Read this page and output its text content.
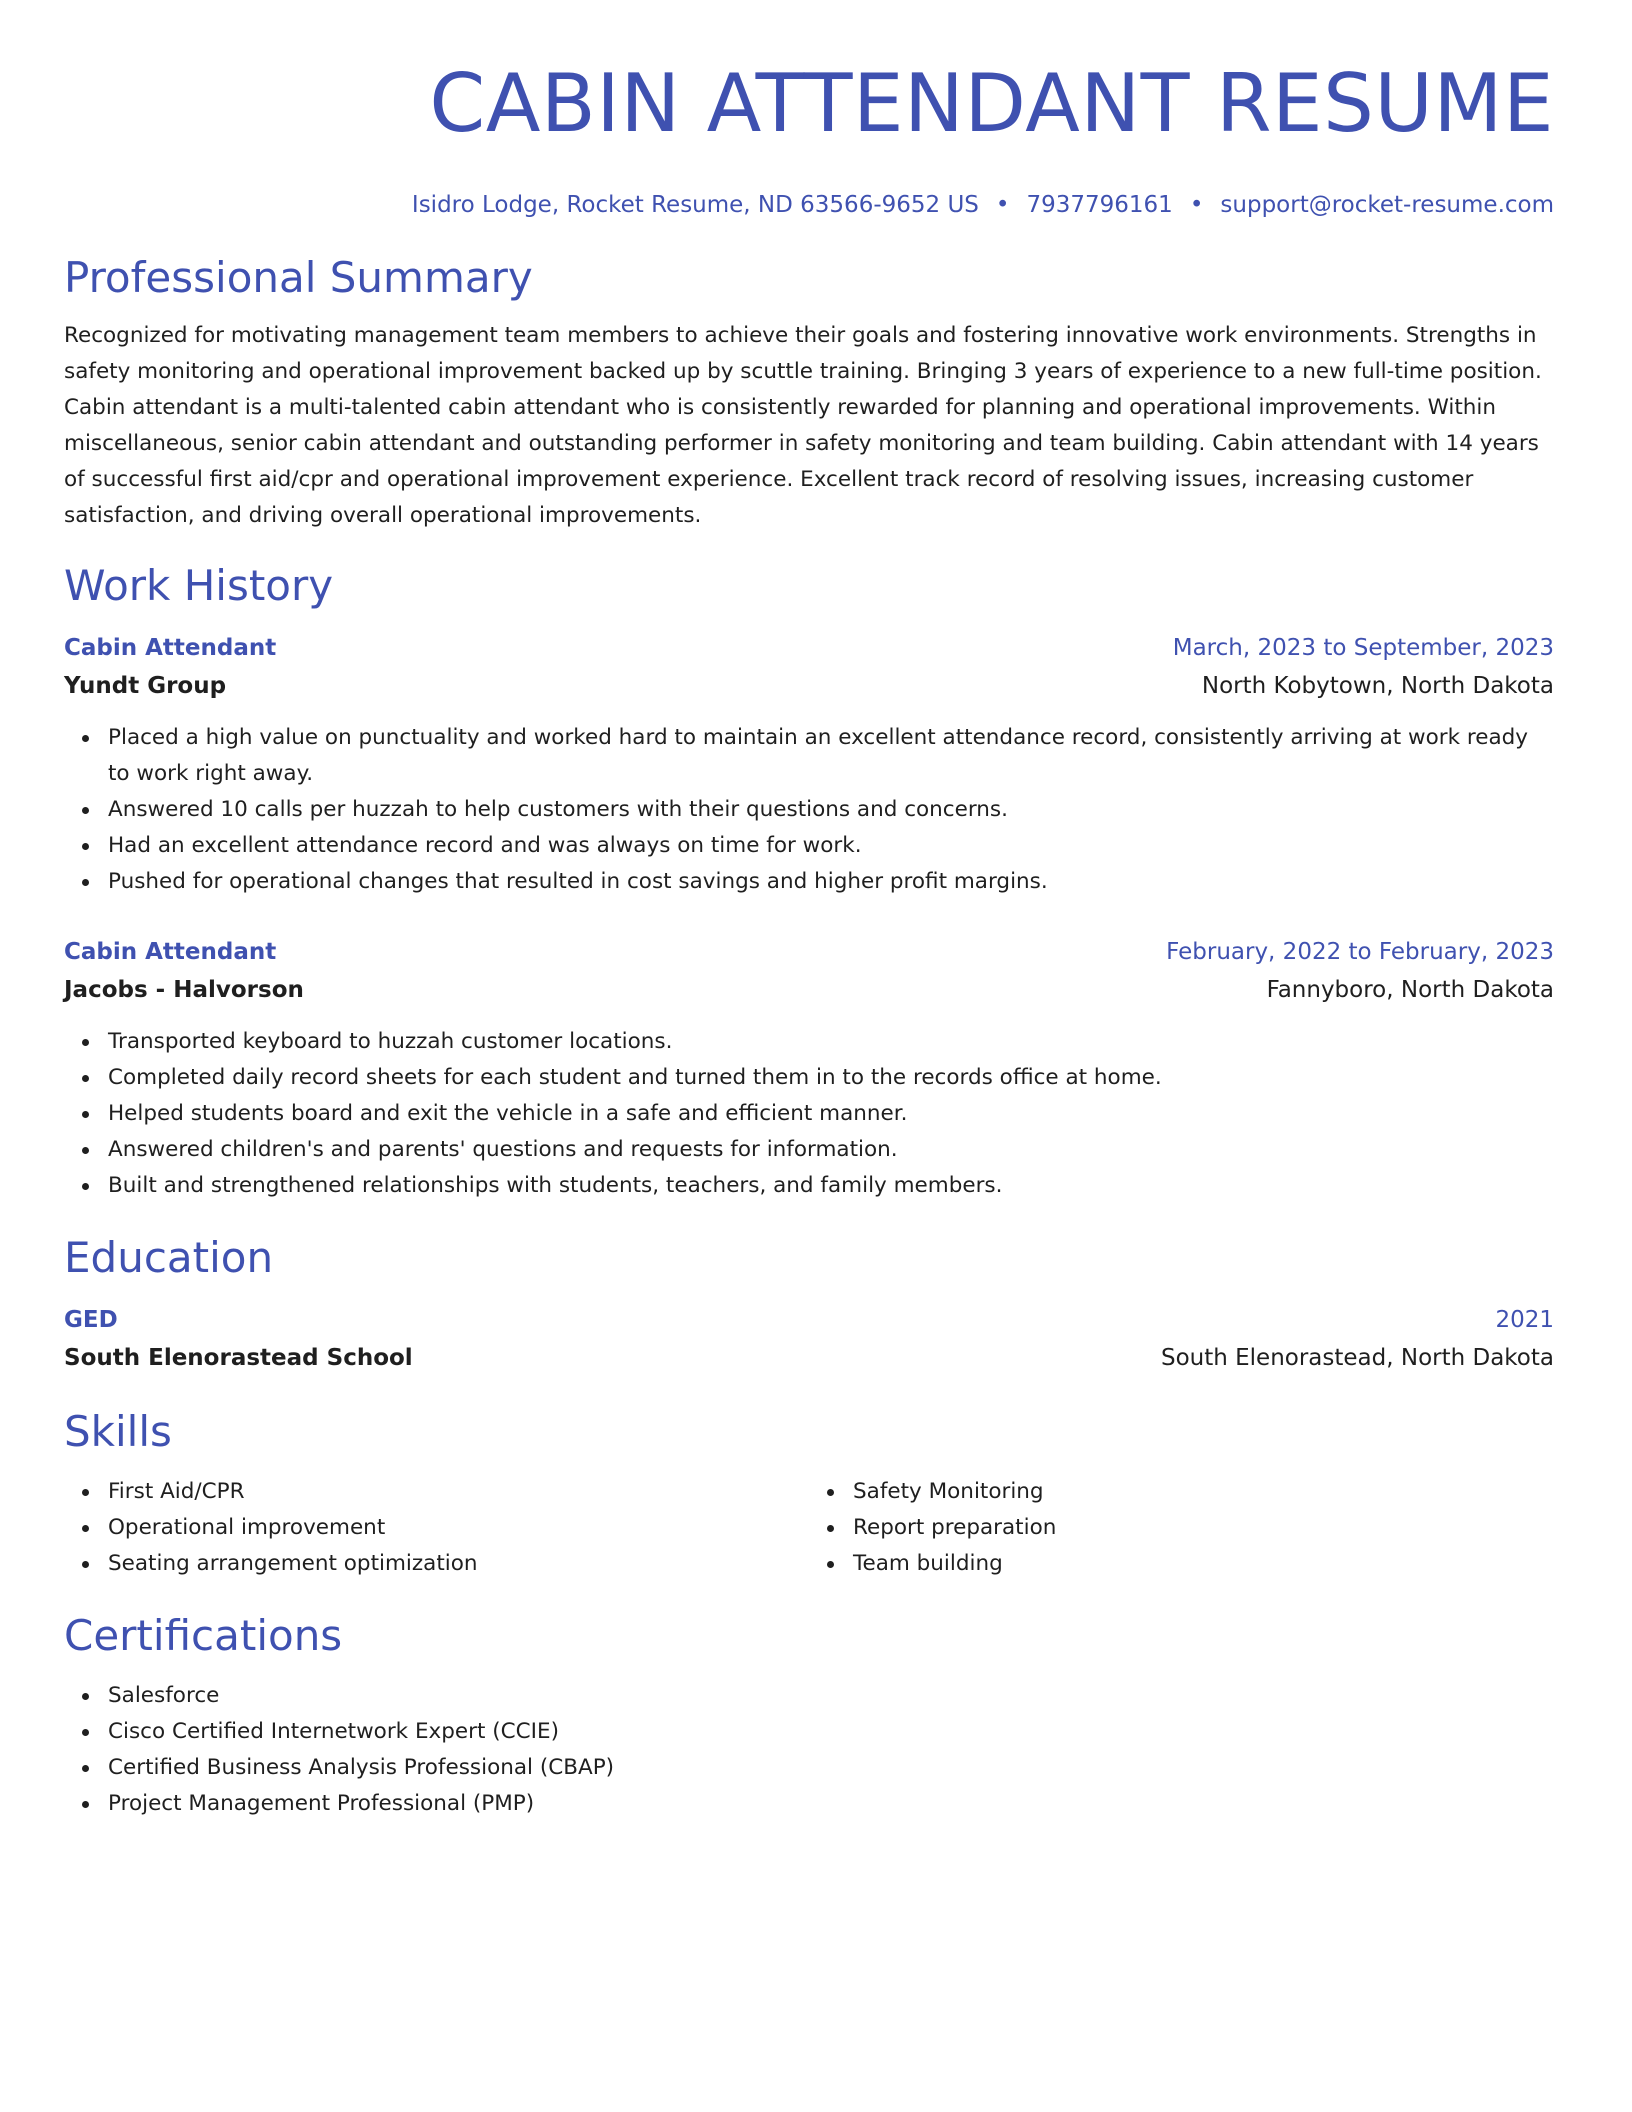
CABIN ATTENDANT RESUME
Isidro Lodge, Rocket Resume, ND 63566-9652 US • 7937796161 • support@rocket-resume.com
Professional Summary

Recognized for motivating management team members to achieve their goals and fostering innovative work environments. Strengths in safety monitoring and operational improvement backed up by scuttle training. Bringing 3 years of experience to a new full-time position. Cabin attendant is a multi-talented cabin attendant who is consistently rewarded for planning and operational improvements. Within miscellaneous, senior cabin attendant and outstanding performer in safety monitoring and team building. Cabin attendant with 14 years of successful first aid/cpr and operational improvement experience. Excellent track record of resolving issues, increasing customer satisfaction, and driving overall operational improvements.

Work History
Cabin Attendant	March, 2023 to September, 2023
Yundt Group	North Kobytown, North Dakota
Placed a high value on punctuality and worked hard to maintain an excellent attendance record, consistently arriving at work ready to work right away.
Answered 10 calls per huzzah to help customers with their questions and concerns.
Had an excellent attendance record and was always on time for work.
Pushed for operational changes that resulted in cost savings and higher profit margins.
Cabin Attendant	February, 2022 to February, 2023
Jacobs - Halvorson	Fannyboro, North Dakota
Transported keyboard to huzzah customer locations.
Completed daily record sheets for each student and turned them in to the records office at home.
Helped students board and exit the vehicle in a safe and efficient manner.
Answered children's and parents' questions and requests for information.
Built and strengthened relationships with students, teachers, and family members.
Education
GED	2021
South Elenorastead School	South Elenorastead, North Dakota
Skills
First Aid/CPR
Operational improvement
Seating arrangement optimization
Safety Monitoring
Report preparation
Team building
Certifications
Salesforce
Cisco Certified Internetwork Expert (CCIE)
Certified Business Analysis Professional (CBAP)
Project Management Professional (PMP)
